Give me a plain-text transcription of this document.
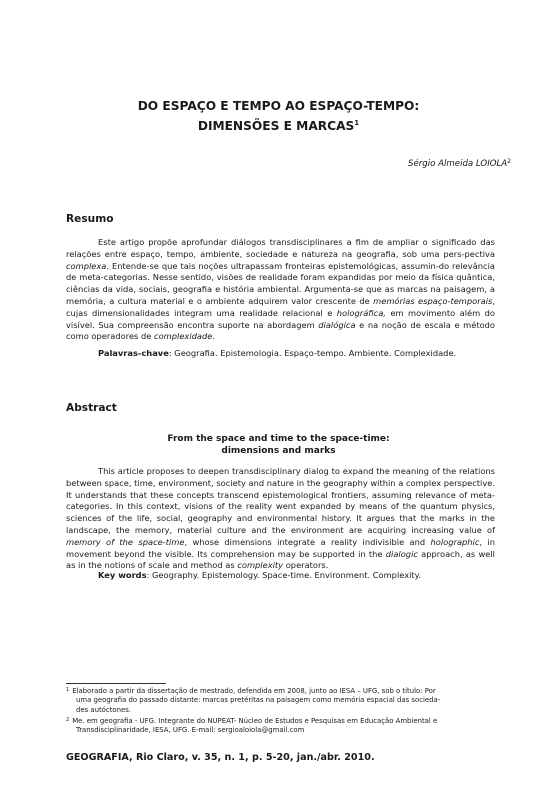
DO ESPAÇO E TEMPO AO ESPAÇO-TEMPO:
DIMENSÕES E MARCAS$^1$
Sérgio Almeida LOIOLA$^2$
Resumo

Este artigo propõe aprofundar diálogos transdisciplinares a fim de ampliar o significado das relações entre espaço, tempo, ambiente, sociedade e natureza na geografia, sob uma pers-pectiva complexa. Entende-se que tais noções ultrapassam fronteiras epistemológicas, assumin-do relevância de meta-categorias. Nesse sentido, visões de realidade foram expandidas por meio da física quântica, ciências da vida, sociais, geografia e história ambiental. Argumenta-se que as marcas na paisagem, a memória, a cultura material e o ambiente adquirem valor crescente de memórias espaço-temporais, cujas dimensionalidades integram uma realidade relacional e holográfica, em movimento além do visível. Sua compreensão encontra suporte na abordagem dialógica e na noção de escala e método como operadores de complexidade.

Palavras-chave: Geografia. Epistemologia. Espaço-tempo. Ambiente. Complexidade.
Abstract
From the space and time to the space-time:
dimensions and marks

This article proposes to deepen transdisciplinary dialog to expand the meaning of the relations between space, time, environment, society and nature in the geography within a complex perspective. It understands that these concepts transcend epistemological frontiers, assuming relevance of meta-categories. In this context, visions of the reality went expanded by means of the quantum physics, sciences of the life, social, geography and environmental history. It argues that the marks in the landscape, the memory, material culture and the environment are acquiring increasing value of memory of the space-time, whose dimensions integrate a reality indivisible and holographic, in movement beyond the visible. Its comprehension may be supported in the dialogic approach, as well as in the notions of scale and method as complexity operators.

Key words: Geography. Epistemology. Space-time. Environment. Complexity.
$^1$ Elaborado a partir da dissertação de mestrado, defendida em 2008, junto ao IESA – UFG, sob o título: Por
uma geografia do passado distante: marcas pretéritas na paisagem como memória espacial das socieda-
des autóctones.
$^2$ Me. em geografia - UFG. Integrante do NUPEAT- Núcleo de Estudos e Pesquisas em Educação Ambiental e
Transdisciplinaridade, IESA, UFG. E-mail: sergioaloiola@gmail.com
GEOGRAFIA, Rio Claro, v. 35, n. 1, p. 5-20, jan./abr. 2010.
